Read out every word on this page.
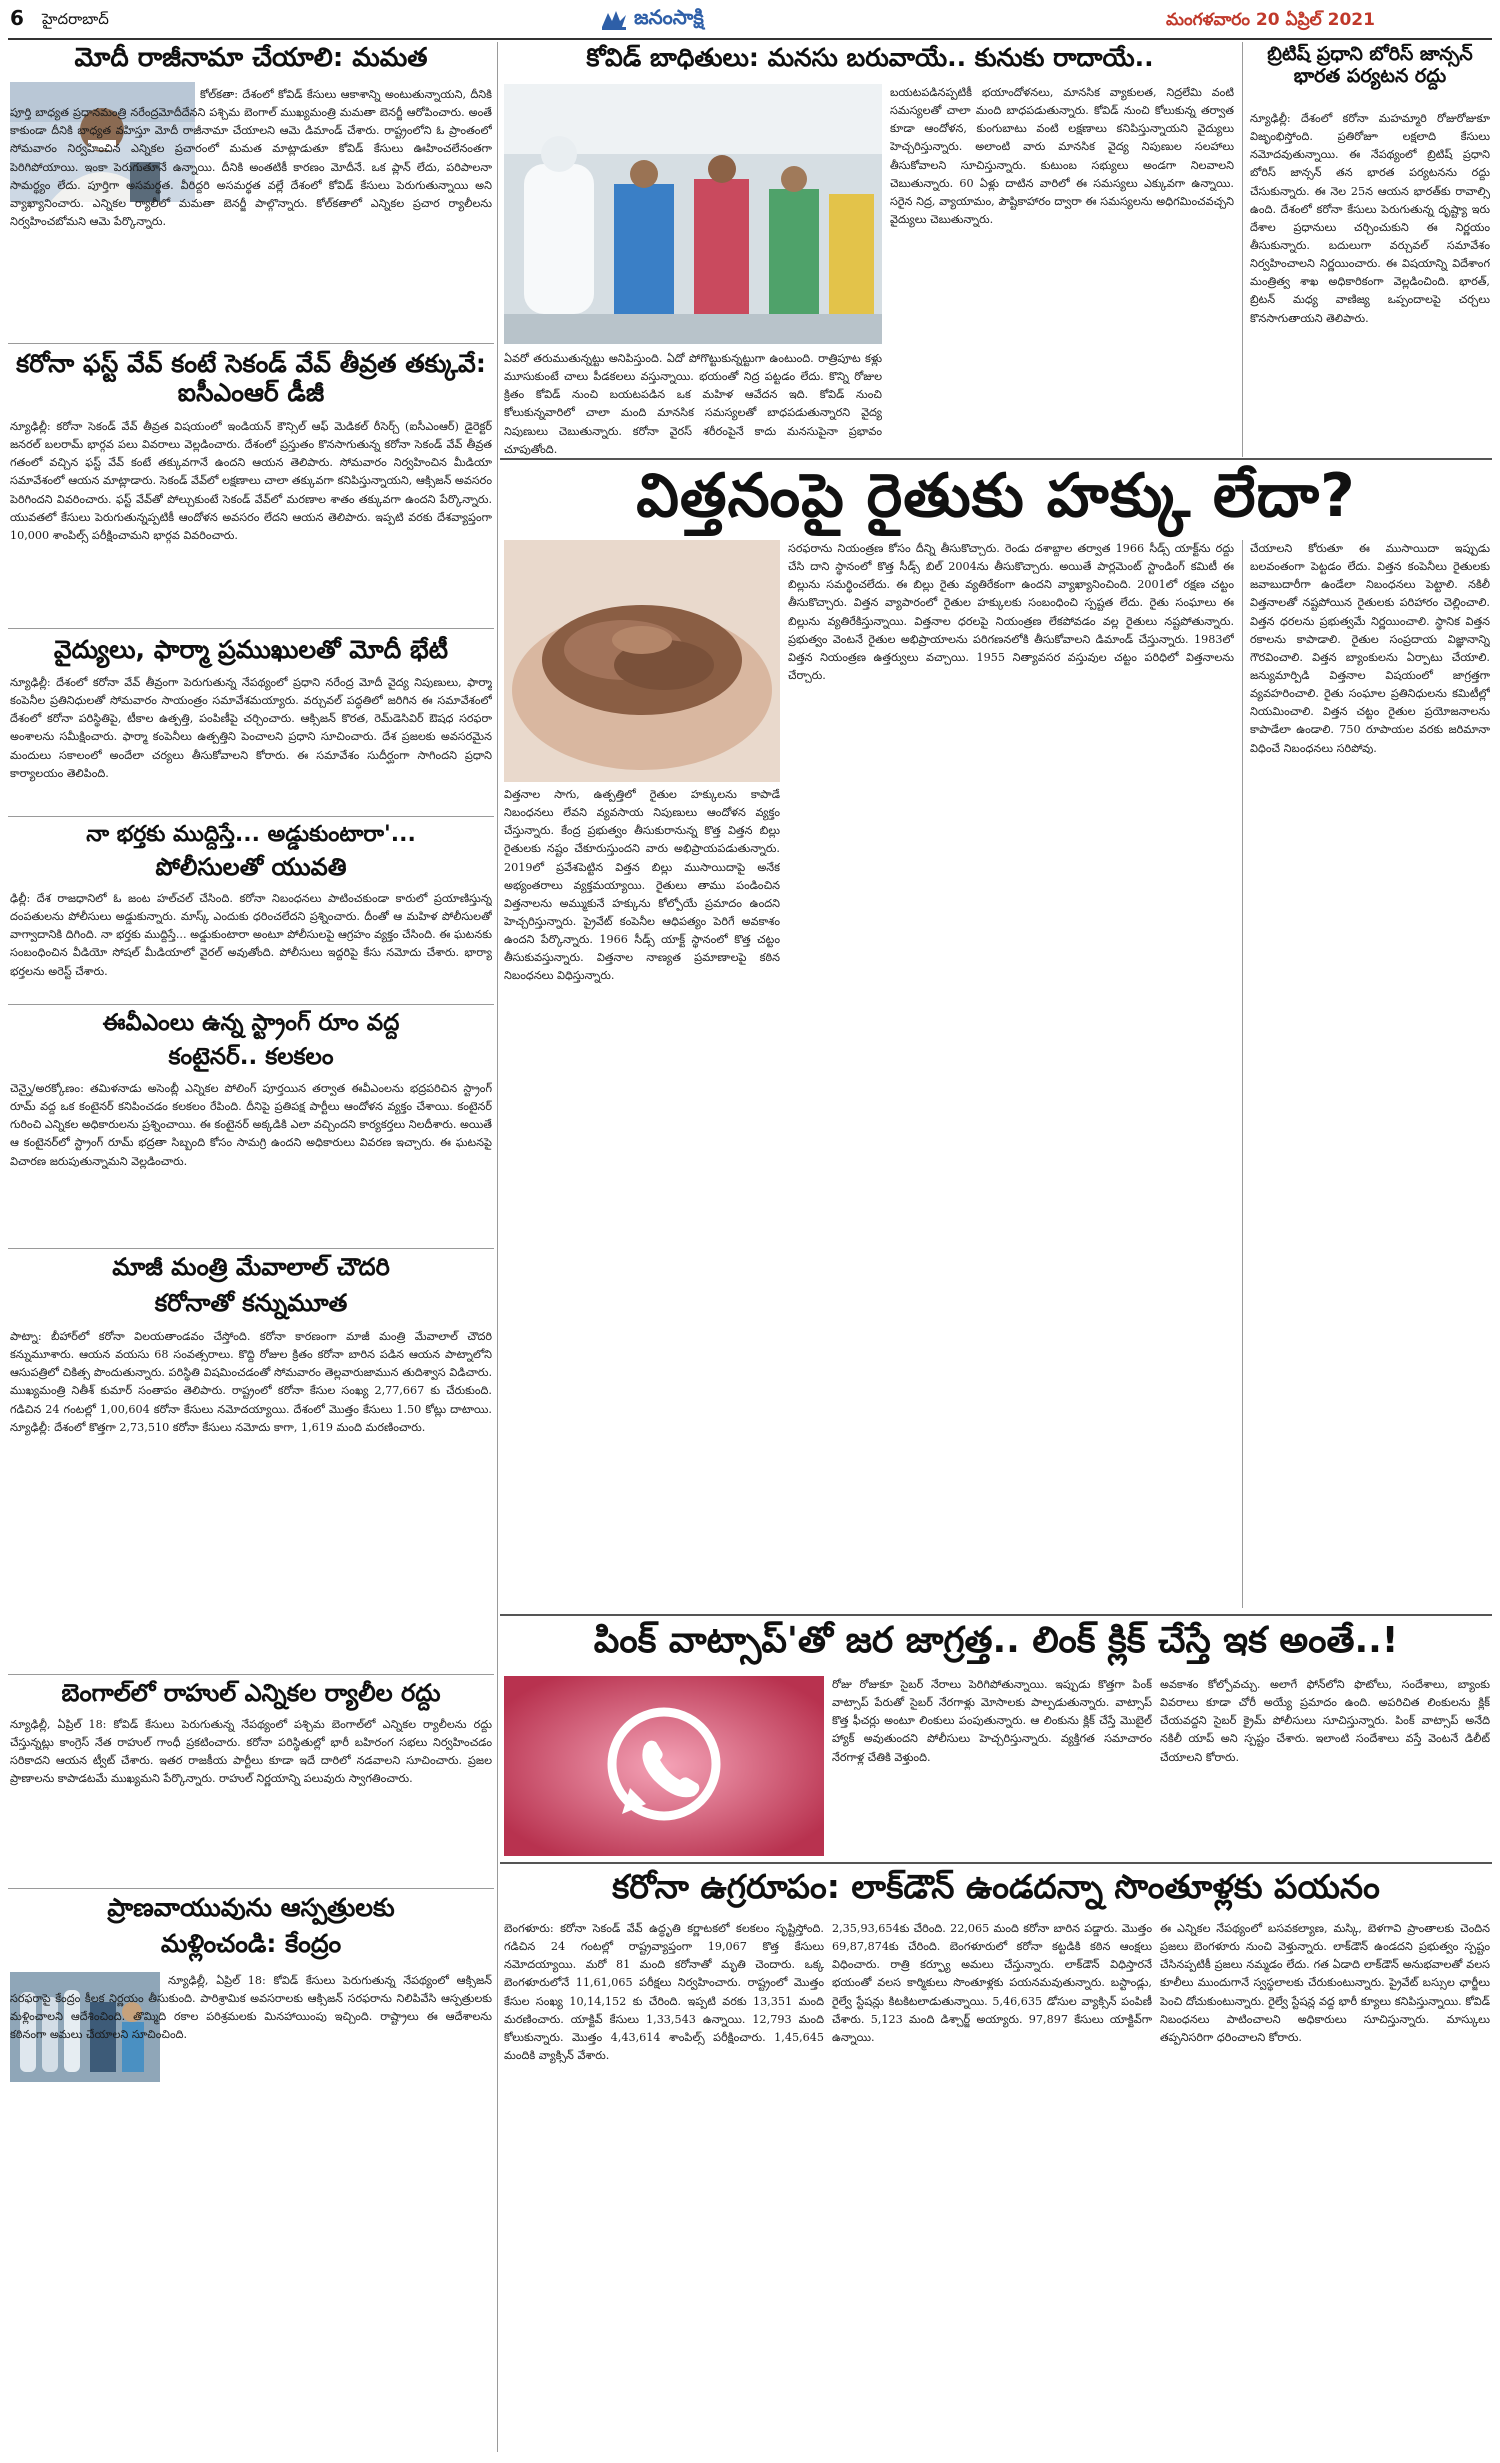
6 హైదరాబాద్	జనంసాక్షి	మంగళవారం 20 ఏప్రిల్ 2021
మోదీ రాజీనామా చేయాలి: మమత
కోల్‌కతా: దేశంలో కోవిడ్ కేసులు ఆకాశాన్ని అంటుతున్నాయని, దీనికి పూర్తి బాధ్యత ప్రధానమంత్రి నరేంద్రమోదీదేనని పశ్చిమ బెంగాల్ ముఖ్యమంత్రి మమతా బెనర్జీ ఆరోపించారు. అంతే కాకుండా దీనికి బాధ్యత వహిస్తూ మోదీ రాజీనామా చేయాలని ఆమె డిమాండ్ చేశారు. రాష్ట్రంలోని ఓ ప్రాంతంలో సోమవారం నిర్వహించిన ఎన్నికల ప్రచారంలో మమత మాట్లాడుతూ కోవిడ్ కేసులు ఊహించలేనంతగా పెరిగిపోయాయి. ఇంకా పెరుగుతూనే ఉన్నాయి. దీనికి అంతటికీ కారణం మోదీనే. ఒక ప్లాన్ లేదు, పరిపాలనా సామర్థ్యం లేదు. పూర్తిగా అసమర్థత. వీరిద్దరి అసమర్థత వల్లే దేశంలో కోవిడ్ కేసులు పెరుగుతున్నాయి అని వ్యాఖ్యానించారు. ఎన్నికల ర్యాలీలో మమతా బెనర్జీ పాల్గొన్నారు. కోల్‌కతాలో ఎన్నికల ప్రచార ర్యాలీలను నిర్వహించబోమని ఆమె పేర్కొన్నారు.
కరోనా ఫస్ట్ వేవ్ కంటే సెకండ్ వేవ్ తీవ్రత తక్కువే: ఐసీఎంఆర్ డీజీ
న్యూఢిల్లీ: కరోనా సెకండ్ వేవ్ తీవ్రత విషయంలో ఇండియన్ కౌన్సిల్ ఆఫ్ మెడికల్ రీసెర్చ్ (ఐసీఎంఆర్) డైరెక్టర్ జనరల్ బలరామ్ భార్గవ పలు వివరాలు వెల్లడించారు. దేశంలో ప్రస్తుతం కొనసాగుతున్న కరోనా సెకండ్ వేవ్ తీవ్రత గతంలో వచ్చిన ఫస్ట్ వేవ్ కంటే తక్కువగానే ఉందని ఆయన తెలిపారు. సోమవారం నిర్వహించిన మీడియా సమావేశంలో ఆయన మాట్లాడారు. సెకండ్ వేవ్‌లో లక్షణాలు చాలా తక్కువగా కనిపిస్తున్నాయని, ఆక్సిజన్ అవసరం పెరిగిందని వివరించారు. ఫస్ట్ వేవ్‌తో పోల్చుకుంటే సెకండ్ వేవ్‌లో మరణాల శాతం తక్కువగా ఉందని పేర్కొన్నారు. యువతలో కేసులు పెరుగుతున్నప్పటికీ ఆందోళన అవసరం లేదని ఆయన తెలిపారు. ఇప్పటి వరకు దేశవ్యాప్తంగా 10,000 శాంపిల్స్ పరీక్షించామని భార్గవ వివరించారు.
వైద్యులు, ఫార్మా ప్రముఖులతో మోదీ భేటీ
న్యూఢిల్లీ: దేశంలో కరోనా వేవ్ తీవ్రంగా పెరుగుతున్న నేపథ్యంలో ప్రధాని నరేంద్ర మోదీ వైద్య నిపుణులు, ఫార్మా కంపెనీల ప్రతినిధులతో సోమవారం సాయంత్రం సమావేశమయ్యారు. వర్చువల్ పద్ధతిలో జరిగిన ఈ సమావేశంలో దేశంలో కరోనా పరిస్థితిపై, టీకాల ఉత్పత్తి, పంపిణీపై చర్చించారు. ఆక్సిజన్ కొరత, రెమ్‌డెసివిర్ ఔషధ సరఫరా అంశాలను సమీక్షించారు. ఫార్మా కంపెనీలు ఉత్పత్తిని పెంచాలని ప్రధాని సూచించారు. దేశ ప్రజలకు అవసరమైన మందులు సకాలంలో అందేలా చర్యలు తీసుకోవాలని కోరారు. ఈ సమావేశం సుదీర్ఘంగా సాగిందని ప్రధాని కార్యాలయం తెలిపింది.
నా భర్తకు ముద్దిస్తే... అడ్డుకుంటారా'...
పోలీసులతో యువతి
ఢిల్లీ: దేశ రాజధానిలో ఓ జంట హల్‌చల్ చేసింది. కరోనా నిబంధనలు పాటించకుండా కారులో ప్రయాణిస్తున్న దంపతులను పోలీసులు అడ్డుకున్నారు. మాస్క్ ఎందుకు ధరించలేదని ప్రశ్నించారు. దీంతో ఆ మహిళ పోలీసులతో వాగ్వాదానికి దిగింది. నా భర్తకు ముద్దిస్తే... అడ్డుకుంటారా అంటూ పోలీసులపై ఆగ్రహం వ్యక్తం చేసింది. ఈ ఘటనకు సంబంధించిన వీడియో సోషల్ మీడియాలో వైరల్ అవుతోంది. పోలీసులు ఇద్దరిపై కేసు నమోదు చేశారు. భార్యా భర్తలను అరెస్ట్ చేశారు.
ఈవీఎంలు ఉన్న స్ట్రాంగ్ రూం వద్ద
కంటైనర్.. కలకలం
చెన్నై/అరక్కోణం: తమిళనాడు అసెంబ్లీ ఎన్నికల పోలింగ్ పూర్తయిన తర్వాత ఈవీఎంలను భద్రపరిచిన స్ట్రాంగ్ రూమ్ వద్ద ఒక కంటైనర్ కనిపించడం కలకలం రేపింది. దీనిపై ప్రతిపక్ష పార్టీలు ఆందోళన వ్యక్తం చేశాయి. కంటైనర్ గురించి ఎన్నికల అధికారులను ప్రశ్నించాయి. ఈ కంటైనర్ అక్కడికి ఎలా వచ్చిందని కార్యకర్తలు నిలదీశారు. అయితే ఆ కంటైనర్‌లో స్ట్రాంగ్ రూమ్ భద్రతా సిబ్బంది కోసం సామగ్రి ఉందని అధికారులు వివరణ ఇచ్చారు. ఈ ఘటనపై విచారణ జరుపుతున్నామని వెల్లడించారు.
మాజీ మంత్రి మేవాలాల్ చౌదరి
కరోనాతో కన్నుమూత
పాట్నా: బీహార్‌లో కరోనా విలయతాండవం చేస్తోంది. కరోనా కారణంగా మాజీ మంత్రి మేవాలాల్ చౌదరి కన్నుమూశారు. ఆయన వయసు 68 సంవత్సరాలు. కొద్ది రోజుల క్రితం కరోనా బారిన పడిన ఆయన పాట్నాలోని ఆసుపత్రిలో చికిత్స పొందుతున్నారు. పరిస్థితి విషమించడంతో సోమవారం తెల్లవారుజామున తుదిశ్వాస విడిచారు. ముఖ్యమంత్రి నితీశ్ కుమార్ సంతాపం తెలిపారు. రాష్ట్రంలో కరోనా కేసుల సంఖ్య 2,77,667 కు చేరుకుంది. గడిచిన 24 గంటల్లో 1,00,604 కరోనా కేసులు నమోదయ్యాయి. దేశంలో మొత్తం కేసులు 1.50 కోట్లు దాటాయి. న్యూఢిల్లీ: దేశంలో కొత్తగా 2,73,510 కరోనా కేసులు నమోదు కాగా, 1,619 మంది మరణించారు.
బెంగాల్‌లో రాహుల్ ఎన్నికల ర్యాలీల రద్దు
న్యూఢిల్లీ, ఏప్రిల్ 18: కోవిడ్ కేసులు పెరుగుతున్న నేపథ్యంలో పశ్చిమ బెంగాల్‌లో ఎన్నికల ర్యాలీలను రద్దు చేస్తున్నట్లు కాంగ్రెస్ నేత రాహుల్ గాంధీ ప్రకటించారు. కరోనా పరిస్థితుల్లో భారీ బహిరంగ సభలు నిర్వహించడం సరికాదని ఆయన ట్వీట్ చేశారు. ఇతర రాజకీయ పార్టీలు కూడా ఇదే దారిలో నడవాలని సూచించారు. ప్రజల ప్రాణాలను కాపాడటమే ముఖ్యమని పేర్కొన్నారు. రాహుల్ నిర్ణయాన్ని పలువురు స్వాగతించారు.
ప్రాణవాయువును ఆస్పత్రులకు
మళ్లించండి: కేంద్రం
న్యూఢిల్లీ, ఏప్రిల్ 18: కోవిడ్ కేసులు పెరుగుతున్న నేపథ్యంలో ఆక్సిజన్ సరఫరాపై కేంద్రం కీలక నిర్ణయం తీసుకుంది. పారిశ్రామిక అవసరాలకు ఆక్సిజన్ సరఫరాను నిలిపివేసి ఆస్పత్రులకు మళ్లించాలని ఆదేశించింది. తొమ్మిది రకాల పరిశ్రమలకు మినహాయింపు ఇచ్చింది. రాష్ట్రాలు ఈ ఆదేశాలను కఠినంగా అమలు చేయాలని సూచించింది.
కోవిడ్ బాధితులు: మనసు బరువాయే.. కునుకు రాదాయే..
ఏవరో తరుముతున్నట్టు అనిపిస్తుంది. ఏదో పోగొట్టుకున్నట్టుగా ఉంటుంది. రాత్రిపూట కళ్లు మూసుకుంటే చాలు పీడకలలు వస్తున్నాయి. భయంతో నిద్ర పట్టడం లేదు. కొన్ని రోజుల క్రితం కోవిడ్ నుంచి బయటపడిన ఒక మహిళ ఆవేదన ఇది. కోవిడ్ నుంచి కోలుకున్నవారిలో చాలా మంది మానసిక సమస్యలతో బాధపడుతున్నారని వైద్య నిపుణులు చెబుతున్నారు. కరోనా వైరస్ శరీరంపైనే కాదు మనసుపైనా ప్రభావం చూపుతోంది.
బయటపడినప్పటికీ భయాందోళనలు, మానసిక వ్యాకులత, నిద్రలేమి వంటి సమస్యలతో చాలా మంది బాధపడుతున్నారు. కోవిడ్ నుంచి కోలుకున్న తర్వాత కూడా ఆందోళన, కుంగుబాటు వంటి లక్షణాలు కనిపిస్తున్నాయని వైద్యులు హెచ్చరిస్తున్నారు. అలాంటి వారు మానసిక వైద్య నిపుణుల సలహాలు తీసుకోవాలని సూచిస్తున్నారు. కుటుంబ సభ్యులు అండగా నిలవాలని చెబుతున్నారు. 60 ఏళ్లు దాటిన వారిలో ఈ సమస్యలు ఎక్కువగా ఉన్నాయి. సరైన నిద్ర, వ్యాయామం, పౌష్టికాహారం ద్వారా ఈ సమస్యలను అధిగమించవచ్చని వైద్యులు చెబుతున్నారు.
బ్రిటిష్ ప్రధాని బోరిస్ జాన్సన్ భారత పర్యటన రద్దు
న్యూఢిల్లీ: దేశంలో కరోనా మహమ్మారి రోజురోజుకూ విజృంభిస్తోంది. ప్రతిరోజూ లక్షలాది కేసులు నమోదవుతున్నాయి. ఈ నేపథ్యంలో బ్రిటిష్ ప్రధాని బోరిస్ జాన్సన్ తన భారత పర్యటనను రద్దు చేసుకున్నారు. ఈ నెల 25న ఆయన భారత్‌కు రావాల్సి ఉంది. దేశంలో కరోనా కేసులు పెరుగుతున్న దృష్ట్యా ఇరు దేశాల ప్రధానులు చర్చించుకుని ఈ నిర్ణయం తీసుకున్నారు. బదులుగా వర్చువల్ సమావేశం నిర్వహించాలని నిర్ణయించారు. ఈ విషయాన్ని విదేశాంగ మంత్రిత్వ శాఖ అధికారికంగా వెల్లడించింది. భారత్, బ్రిటన్ మధ్య వాణిజ్య ఒప్పందాలపై చర్చలు కొనసాగుతాయని తెలిపారు.
విత్తనంపై రైతుకు హక్కు లేదా?
విత్తనాల సాగు, ఉత్పత్తిలో రైతుల హక్కులను కాపాడే నిబంధనలు లేవని వ్యవసాయ నిపుణులు ఆందోళన వ్యక్తం చేస్తున్నారు. కేంద్ర ప్రభుత్వం తీసుకురానున్న కొత్త విత్తన బిల్లు రైతులకు నష్టం చేకూరుస్తుందని వారు అభిప్రాయపడుతున్నారు. 2019లో ప్రవేశపెట్టిన విత్తన బిల్లు ముసాయిదాపై అనేక అభ్యంతరాలు వ్యక్తమయ్యాయి. రైతులు తాము పండించిన విత్తనాలను అమ్ముకునే హక్కును కోల్పోయే ప్రమాదం ఉందని హెచ్చరిస్తున్నారు. ప్రైవేట్ కంపెనీల ఆధిపత్యం పెరిగే అవకాశం ఉందని పేర్కొన్నారు. 1966 సీడ్స్ యాక్ట్ స్థానంలో కొత్త చట్టం తీసుకువస్తున్నారు. విత్తనాల నాణ్యత ప్రమాణాలపై కఠిన నిబంధనలు విధిస్తున్నారు.
సరఫరాను నియంత్రణ కోసం దీన్ని తీసుకొచ్చారు. రెండు దశాబ్దాల తర్వాత 1966 సీడ్స్ యాక్ట్‌ను రద్దు చేసి దాని స్థానంలో కొత్త సీడ్స్ బిల్ 2004ను తీసుకొచ్చారు. అయితే పార్లమెంట్ స్టాండింగ్ కమిటీ ఈ బిల్లును సమర్థించలేదు. ఈ బిల్లు రైతు వ్యతిరేకంగా ఉందని వ్యాఖ్యానించింది. 2001లో రక్షణ చట్టం తీసుకొచ్చారు. విత్తన వ్యాపారంలో రైతుల హక్కులకు సంబంధించి స్పష్టత లేదు. రైతు సంఘాలు ఈ బిల్లును వ్యతిరేకిస్తున్నాయి. విత్తనాల ధరలపై నియంత్రణ లేకపోవడం వల్ల రైతులు నష్టపోతున్నారు. ప్రభుత్వం వెంటనే రైతుల అభిప్రాయాలను పరిగణనలోకి తీసుకోవాలని డిమాండ్ చేస్తున్నారు. 1983లో విత్తన నియంత్రణ ఉత్తర్వులు వచ్చాయి. 1955 నిత్యావసర వస్తువుల చట్టం పరిధిలో విత్తనాలను చేర్చారు.
చేయాలని కోరుతూ ఈ ముసాయిదా ఇప్పుడు బలవంతంగా పెట్టడం లేదు. విత్తన కంపెనీలు రైతులకు జవాబుదారీగా ఉండేలా నిబంధనలు పెట్టాలి. నకిలీ విత్తనాలతో నష్టపోయిన రైతులకు పరిహారం చెల్లించాలి. విత్తన ధరలను ప్రభుత్వమే నిర్ణయించాలి. స్థానిక విత్తన రకాలను కాపాడాలి. రైతుల సంప్రదాయ విజ్ఞానాన్ని గౌరవించాలి. విత్తన బ్యాంకులను ఏర్పాటు చేయాలి. జన్యుమార్పిడి విత్తనాల విషయంలో జాగ్రత్తగా వ్యవహరించాలి. రైతు సంఘాల ప్రతినిధులను కమిటీల్లో నియమించాలి. విత్తన చట్టం రైతుల ప్రయోజనాలను కాపాడేలా ఉండాలి. 750 రూపాయల వరకు జరిమానా విధించే నిబంధనలు సరిపోవు.
పింక్ వాట్సాప్'తో జర జాగ్రత్త.. లింక్ క్లిక్ చేస్తే ఇక అంతే..!
రోజు రోజుకూ సైబర్ నేరాలు పెరిగిపోతున్నాయి. ఇప్పుడు కొత్తగా పింక్ వాట్సాప్ పేరుతో సైబర్ నేరగాళ్లు మోసాలకు పాల్పడుతున్నారు. వాట్సాప్ కొత్త ఫీచర్లు అంటూ లింకులు పంపుతున్నారు. ఆ లింకును క్లిక్ చేస్తే మొబైల్ హ్యాక్ అవుతుందని పోలీసులు హెచ్చరిస్తున్నారు. వ్యక్తిగత సమాచారం నేరగాళ్ల చేతికి వెళ్తుంది.
అవకాశం కోల్పోవచ్చు. అలాగే ఫోన్‌లోని ఫొటోలు, సందేశాలు, బ్యాంకు వివరాలు కూడా చోరీ అయ్యే ప్రమాదం ఉంది. అపరిచిత లింకులను క్లిక్ చేయవద్దని సైబర్ క్రైమ్ పోలీసులు సూచిస్తున్నారు. పింక్ వాట్సాప్ అనేది నకిలీ యాప్ అని స్పష్టం చేశారు. ఇలాంటి సందేశాలు వస్తే వెంటనే డిలీట్ చేయాలని కోరారు.
కరోనా ఉగ్రరూపం: లాక్‌డౌన్ ఉండదన్నా సొంతూళ్లకు పయనం
బెంగళూరు: కరోనా సెకండ్ వేవ్ ఉద్ధృతి కర్ణాటకలో కలకలం సృష్టిస్తోంది. గడిచిన 24 గంటల్లో రాష్ట్రవ్యాప్తంగా 19,067 కొత్త కేసులు నమోదయ్యాయి. మరో 81 మంది కరోనాతో మృతి చెందారు. ఒక్క బెంగళూరులోనే 11,61,065 పరీక్షలు నిర్వహించారు. రాష్ట్రంలో మొత్తం కేసుల సంఖ్య 10,14,152 కు చేరింది. ఇప్పటి వరకు 13,351 మంది మరణించారు. యాక్టివ్ కేసులు 1,33,543 ఉన్నాయి. 12,793 మంది కోలుకున్నారు. మొత్తం 4,43,614 శాంపిల్స్ పరీక్షించారు. 1,45,645 మందికి వ్యాక్సిన్ వేశారు.
2,35,93,654కు చేరింది. 22,065 మంది కరోనా బారిన పడ్డారు. మొత్తం 69,87,874కు చేరింది. బెంగళూరులో కరోనా కట్టడికి కఠిన ఆంక్షలు విధించారు. రాత్రి కర్ఫ్యూ అమలు చేస్తున్నారు. లాక్‌డౌన్ విధిస్తారనే భయంతో వలస కార్మికులు సొంతూళ్లకు పయనమవుతున్నారు. బస్టాండ్లు, రైల్వే స్టేషన్లు కిటకిటలాడుతున్నాయి. 5,46,635 డోసుల వ్యాక్సిన్ పంపిణీ చేశారు. 5,123 మంది డిశ్చార్జ్ అయ్యారు. 97,897 కేసులు యాక్టివ్‌గా ఉన్నాయి.
ఈ ఎన్నికల నేపథ్యంలో బసవకల్యాణ, మస్కి, బెళగావి ప్రాంతాలకు చెందిన ప్రజలు బెంగళూరు నుంచి వెళ్తున్నారు. లాక్‌డౌన్ ఉండదని ప్రభుత్వం స్పష్టం చేసినప్పటికీ ప్రజలు నమ్మడం లేదు. గత ఏడాది లాక్‌డౌన్ అనుభవాలతో వలస కూలీలు ముందుగానే స్వస్థలాలకు చేరుకుంటున్నారు. ప్రైవేట్ బస్సుల ఛార్జీలు పెంచి దోచుకుంటున్నారు. రైల్వే స్టేషన్ల వద్ద భారీ క్యూలు కనిపిస్తున్నాయి. కోవిడ్ నిబంధనలు పాటించాలని అధికారులు సూచిస్తున్నారు. మాస్కులు తప్పనిసరిగా ధరించాలని కోరారు.
